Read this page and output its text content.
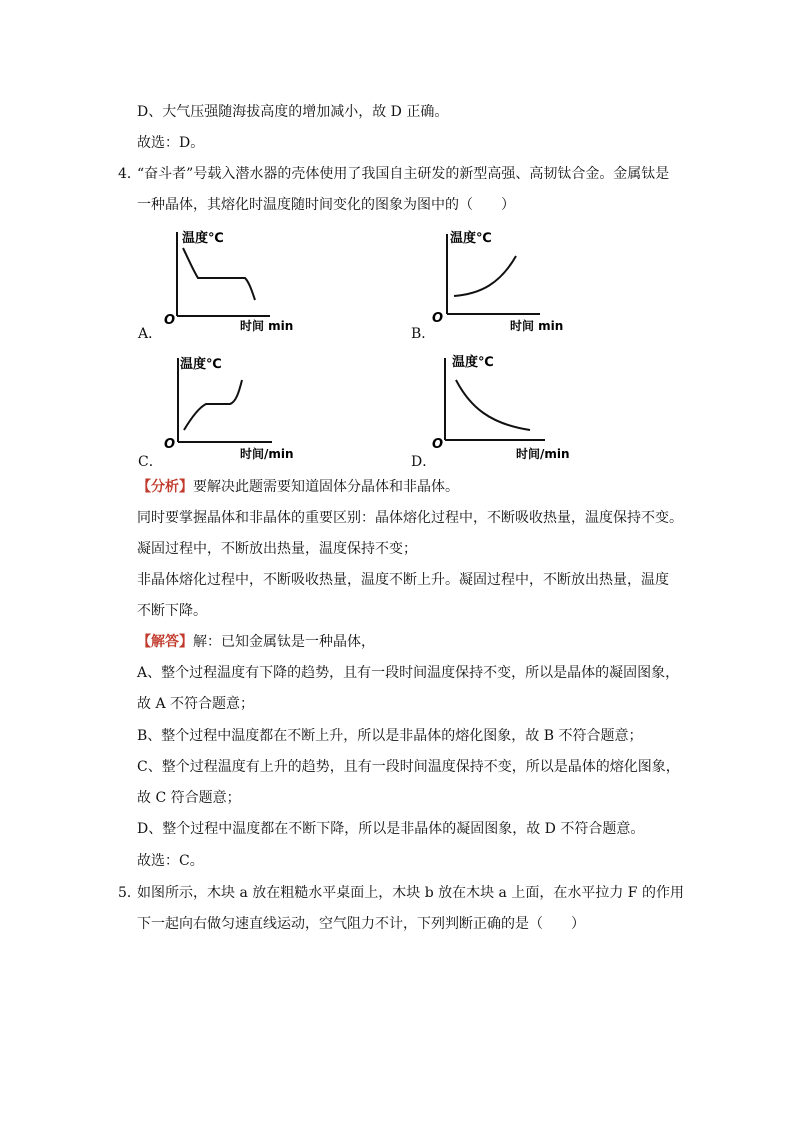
D、大气压强随海拔高度的增加减小，故 D 正确。
故选：D。
4．
“奋斗者”号载入潜水器的壳体使用了我国自主研发的新型高强、高韧钛合金。金属钛是
一种晶体，其熔化时温度随时间变化的图象为图中的（　　）
A．
温度℃
时间 min
O
B．
温度℃
时间 min
O
C．
温度℃
时间/min
O
D．
温度℃
时间/min
O
【分析】要解决此题需要知道固体分晶体和非晶体。
同时要掌握晶体和非晶体的重要区别：晶体熔化过程中，不断吸收热量，温度保持不变。
凝固过程中，不断放出热量，温度保持不变；
非晶体熔化过程中，不断吸收热量，温度不断上升。凝固过程中，不断放出热量，温度
不断下降。
【解答】解：已知金属钛是一种晶体，
A、整个过程温度有下降的趋势，且有一段时间温度保持不变，所以是晶体的凝固图象，
故 A 不符合题意；
B、整个过程中温度都在不断上升，所以是非晶体的熔化图象，故 B 不符合题意；
C、整个过程温度有上升的趋势，且有一段时间温度保持不变，所以是晶体的熔化图象，
故 C 符合题意；
D、整个过程中温度都在不断下降，所以是非晶体的凝固图象，故 D 不符合题意。
故选：C。
5．
如图所示，木块 a 放在粗糙水平桌面上，木块 b 放在木块 a 上面，在水平拉力 F 的作用
下一起向右做匀速直线运动，空气阻力不计，下列判断正确的是（　　）
